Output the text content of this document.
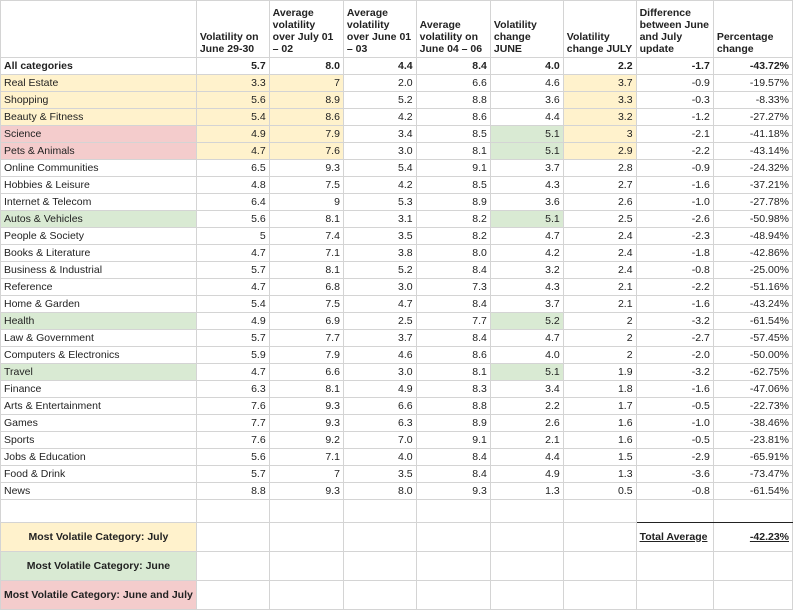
	Volatility on June 29-30	Average volatility over July 01 – 02	Average volatility over June 01 – 03	Average volatility on June 04 – 06	Volatility change JUNE	Volatility change JULY	Difference between June and July update	Percentage change
All categories	5.7	8.0	4.4	8.4	4.0	2.2	-1.7	-43.72%
Real Estate	3.3	7	2.0	6.6	4.6	3.7	-0.9	-19.57%
Shopping	5.6	8.9	5.2	8.8	3.6	3.3	-0.3	-8.33%
Beauty & Fitness	5.4	8.6	4.2	8.6	4.4	3.2	-1.2	-27.27%
Science	4.9	7.9	3.4	8.5	5.1	3	-2.1	-41.18%
Pets & Animals	4.7	7.6	3.0	8.1	5.1	2.9	-2.2	-43.14%
Online Communities	6.5	9.3	5.4	9.1	3.7	2.8	-0.9	-24.32%
Hobbies & Leisure	4.8	7.5	4.2	8.5	4.3	2.7	-1.6	-37.21%
Internet & Telecom	6.4	9	5.3	8.9	3.6	2.6	-1.0	-27.78%
Autos & Vehicles	5.6	8.1	3.1	8.2	5.1	2.5	-2.6	-50.98%
People & Society	5	7.4	3.5	8.2	4.7	2.4	-2.3	-48.94%
Books & Literature	4.7	7.1	3.8	8.0	4.2	2.4	-1.8	-42.86%
Business & Industrial	5.7	8.1	5.2	8.4	3.2	2.4	-0.8	-25.00%
Reference	4.7	6.8	3.0	7.3	4.3	2.1	-2.2	-51.16%
Home & Garden	5.4	7.5	4.7	8.4	3.7	2.1	-1.6	-43.24%
Health	4.9	6.9	2.5	7.7	5.2	2	-3.2	-61.54%
Law & Government	5.7	7.7	3.7	8.4	4.7	2	-2.7	-57.45%
Computers & Electronics	5.9	7.9	4.6	8.6	4.0	2	-2.0	-50.00%
Travel	4.7	6.6	3.0	8.1	5.1	1.9	-3.2	-62.75%
Finance	6.3	8.1	4.9	8.3	3.4	1.8	-1.6	-47.06%
Arts & Entertainment	7.6	9.3	6.6	8.8	2.2	1.7	-0.5	-22.73%
Games	7.7	9.3	6.3	8.9	2.6	1.6	-1.0	-38.46%
Sports	7.6	9.2	7.0	9.1	2.1	1.6	-0.5	-23.81%
Jobs & Education	5.6	7.1	4.0	8.4	4.4	1.5	-2.9	-65.91%
Food & Drink	5.7	7	3.5	8.4	4.9	1.3	-3.6	-73.47%
News	8.8	9.3	8.0	9.3	1.3	0.5	-0.8	-61.54%

Most Volatile Category: July							Total Average	-42.23%
Most Volatile Category: June								
Most Volatile Category: June and July								
